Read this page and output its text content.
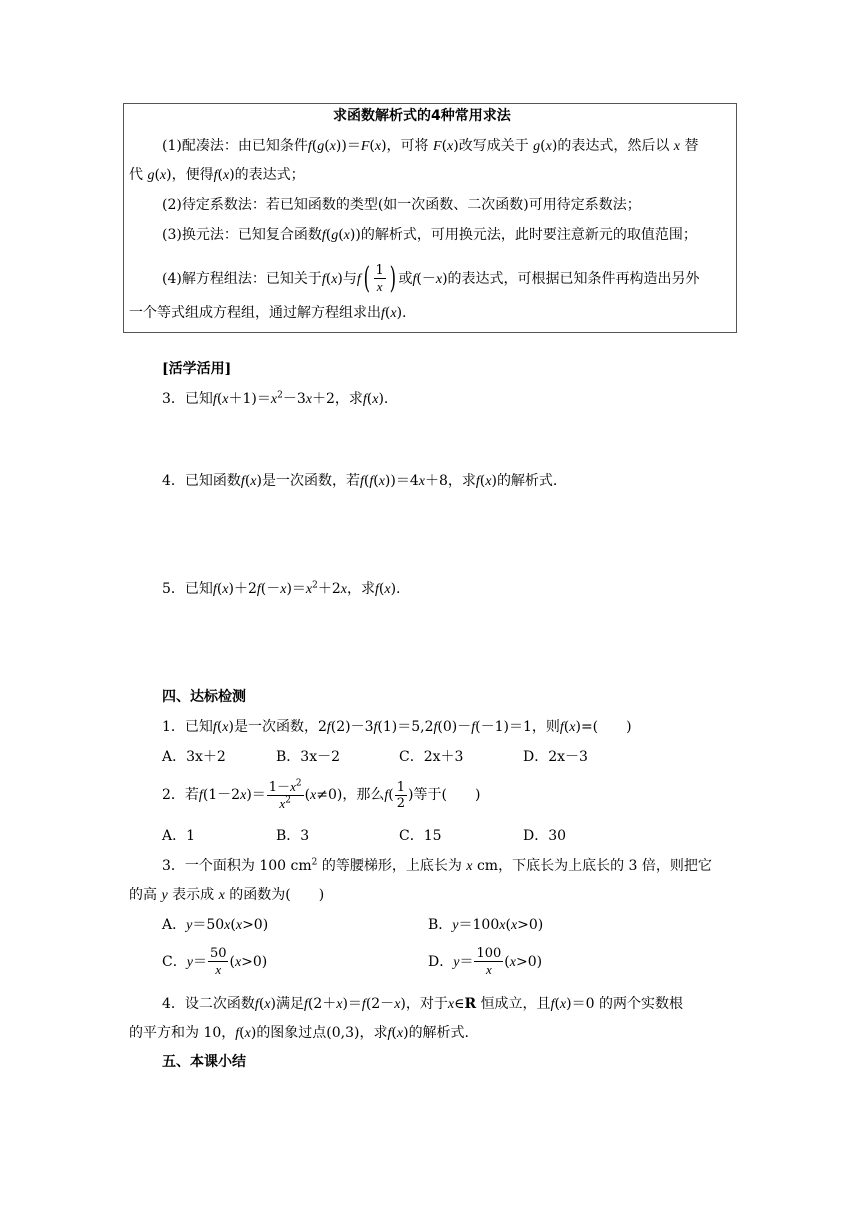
求函数解析式的4种常用求法
(1)配凑法：由已知条件f(g(x))＝F(x)，可将 F(x)改写成关于 g(x)的表达式，然后以 x 替
代 g(x)，便得f(x)的表达式；
(2)待定系数法：若已知函数的类型(如一次函数、二次函数)可用待定系数法；
(3)换元法：已知复合函数f(g(x))的解析式，可用换元法，此时要注意新元的取值范围；
(4)解方程组法：已知关于f(x)与f ( $\frac{1}{x}$ ) 或f(－x)的表达式，可根据已知条件再构造出另外
一个等式组成方程组，通过解方程组求出f(x).
[活学活用]
3．已知$f(x+1)=x^2-3x+2$，求f(x).
4．已知函数f(x)是一次函数，若f(f(x))＝4x＋8，求f(x)的解析式.
5．已知$f(x)+2f(-x)=x^2+2x$，求f(x).
四、达标检测
1．已知f(x)是一次函数，2f(2)－3f(1)＝5,2f(0)－f(－1)＝1，则f(x)=(　　)
A．3x＋2	B．3x－2	C．2x＋3	D．2x－3
2．若$f(1-2x)= \frac{1-x^2}{x^2} (x\ne 0)$，那么$f( \frac{1}{2}$ )等于(　　)
A．1	B．3	C．15	D．30
3．一个面积为 100 $cm^2$ 的等腰梯形，上底长为 x cm，下底长为上底长的 3 倍，则把它
的高 y 表示成 x 的函数为(　　)
A．y＝50x(x>0)	B．y＝100x(x>0)
C．$y= \frac{50}{x} (x>0)$	D．$y= \frac{100}{x} (x>0)$
4．设二次函数f(x)满足f(2＋x)＝f(2－x)，对于x∈R 恒成立，且f(x)＝0 的两个实数根
的平方和为 10，f(x)的图象过点(0,3)，求f(x)的解析式.
五、本课小结
